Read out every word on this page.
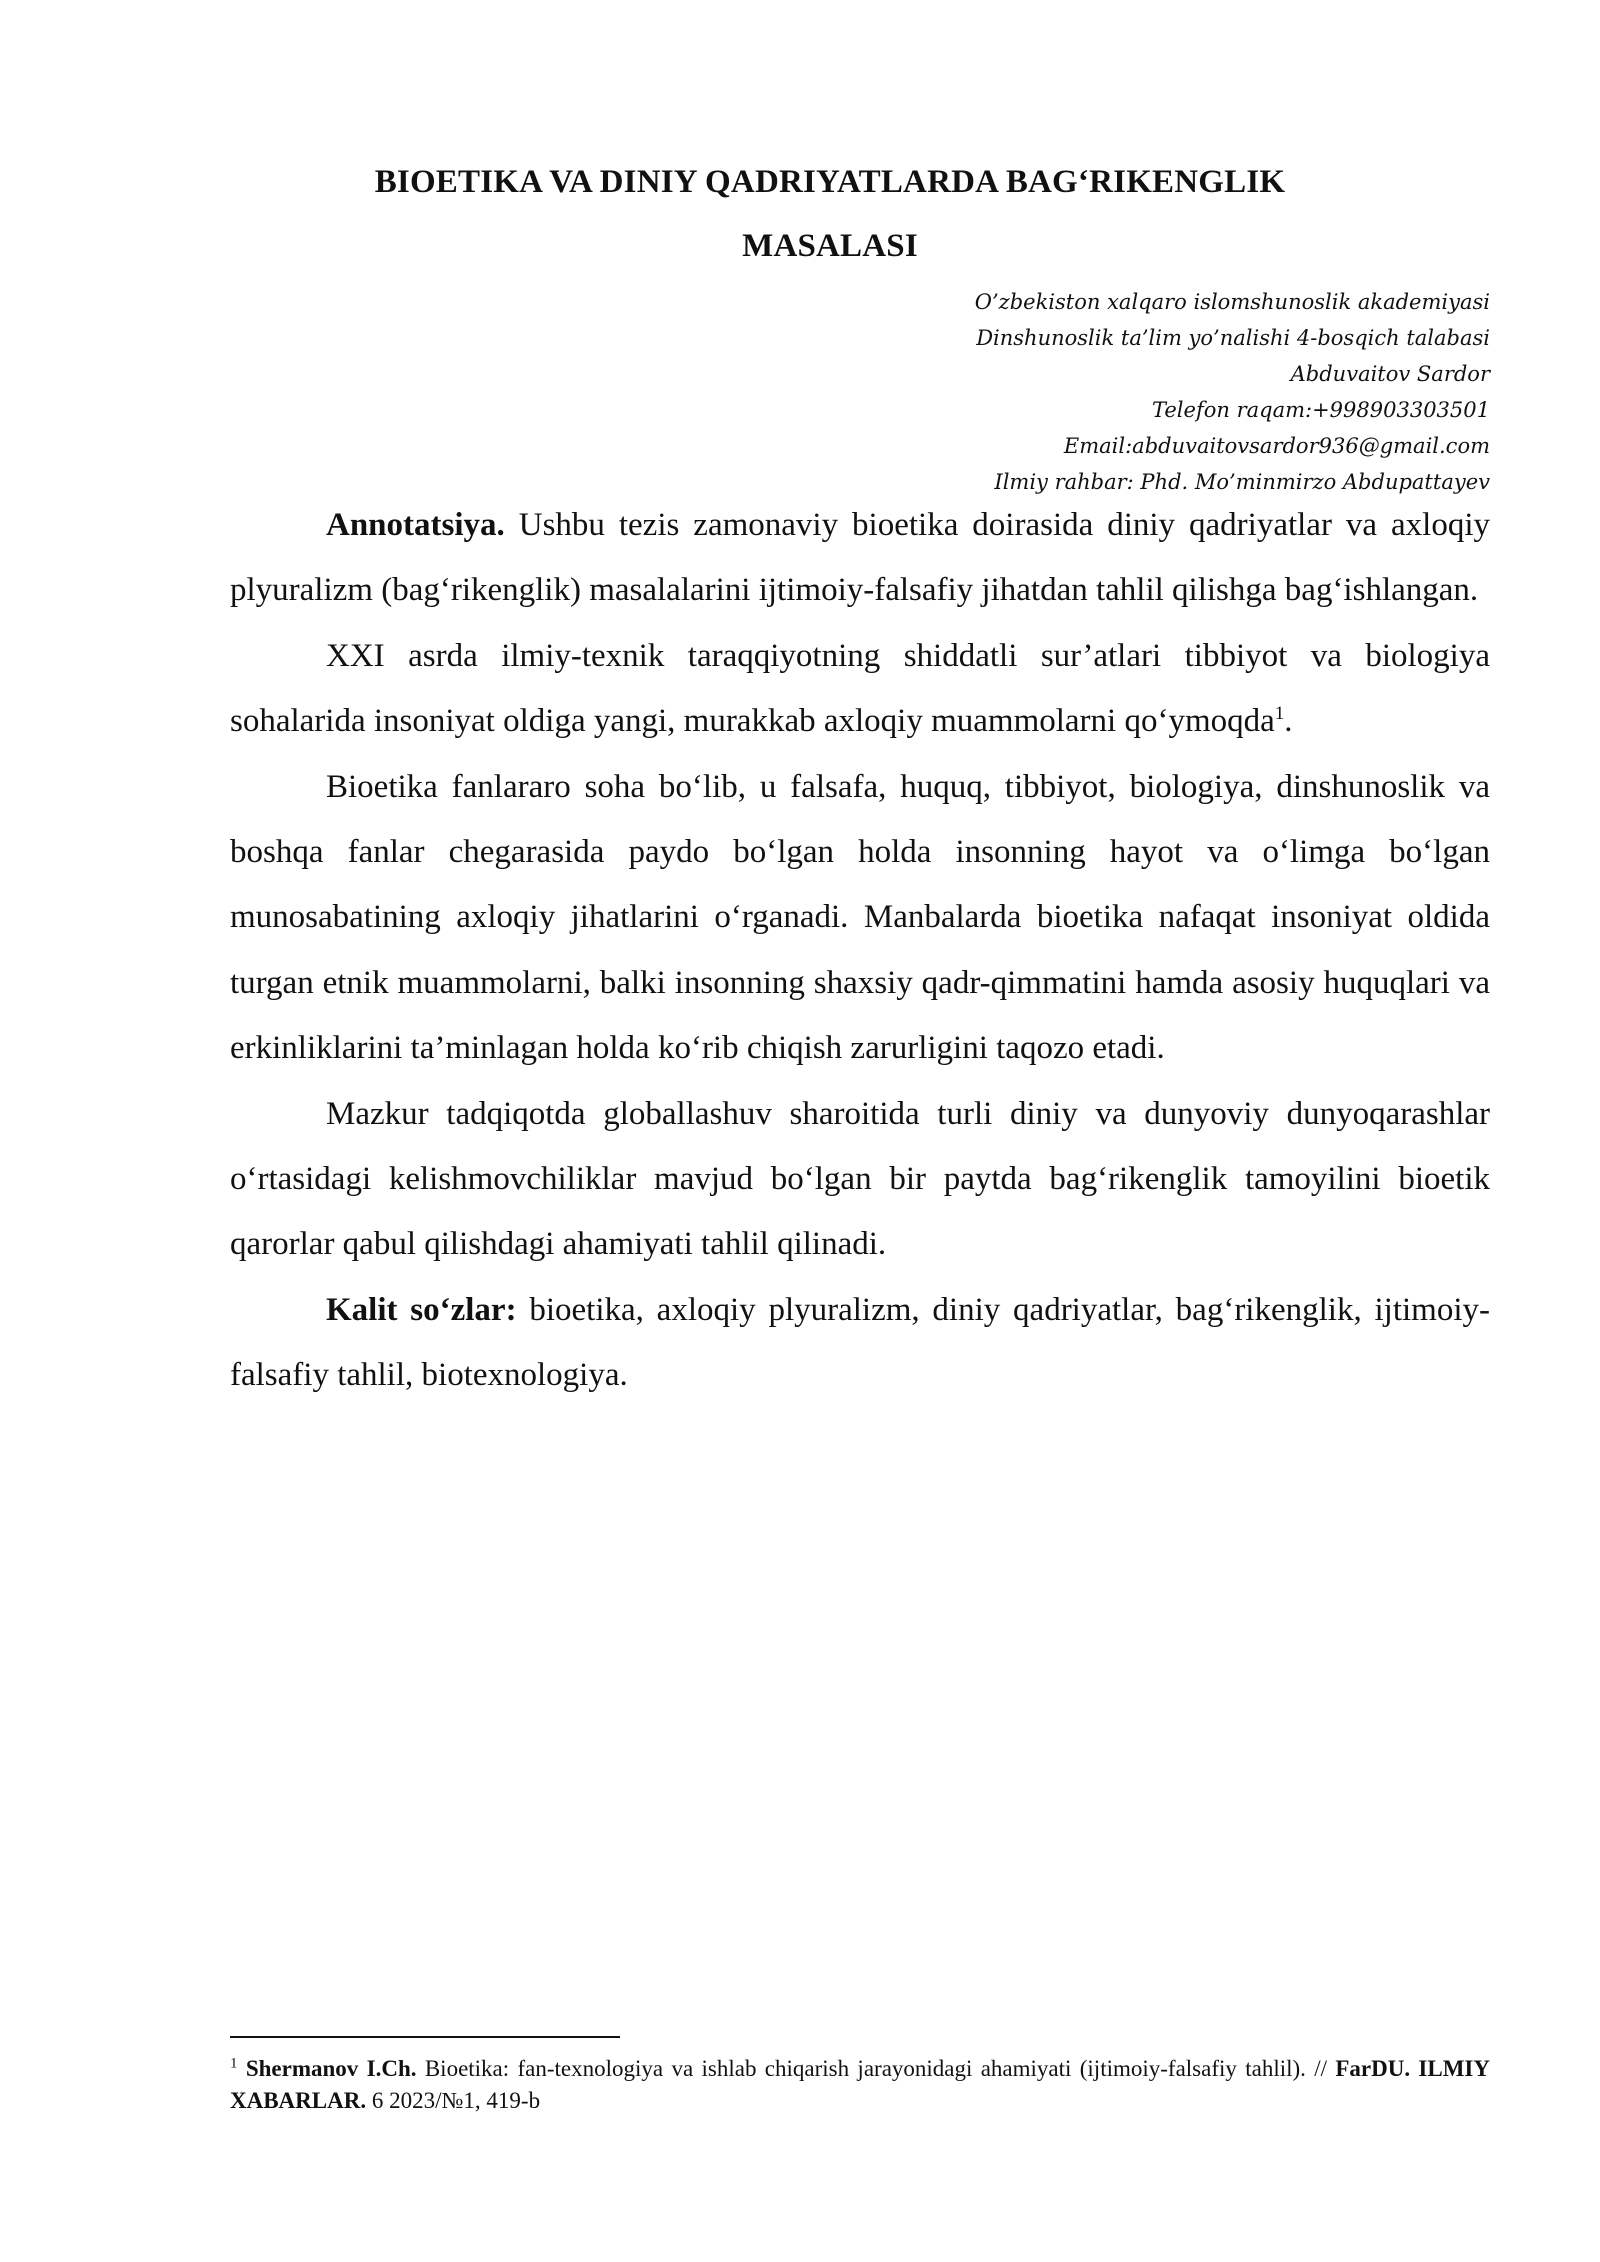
BIOETIKA VA DINIY QADRIYATLARDA BAG‘RIKENGLIK
MASALASI
O’zbekiston xalqaro islomshunoslik akademiyasi
Dinshunoslik ta’lim yo’nalishi 4-bosqich talabasi
Abduvaitov Sardor
Telefon raqam:+998903303501
Email:abduvaitovsardor936@gmail.com
Ilmiy rahbar: Phd. Mo’minmirzo Abdupattayev

Annotatsiya. Ushbu tezis zamonaviy bioetika doirasida diniy qadriyatlar va axloqiy plyuralizm (bag‘rikenglik) masalalarini ijtimoiy-falsafiy jihatdan tahlil qilishga bag‘ishlangan.

XXI asrda ilmiy-texnik taraqqiyotning shiddatli sur’atlari tibbiyot va biologiya sohalarida insoniyat oldiga yangi, murakkab axloqiy muammolarni qo‘ymoqda$^1$.

Bioetika fanlararo soha bo‘lib, u falsafa, huquq, tibbiyot, biologiya, dinshunoslik va boshqa fanlar chegarasida paydo bo‘lgan holda insonning hayot va o‘limga bo‘lgan munosabatining axloqiy jihatlarini o‘rganadi. Manbalarda bioetika nafaqat insoniyat oldida turgan etnik muammolarni, balki insonning shaxsiy qadr-qimmatini hamda asosiy huquqlari va erkinliklarini ta’minlagan holda ko‘rib chiqish zarurligini taqozo etadi.

Mazkur tadqiqotda globallashuv sharoitida turli diniy va dunyoviy dunyoqarashlar o‘rtasidagi kelishmovchiliklar mavjud bo‘lgan bir paytda bag‘rikenglik tamoyilini bioetik qarorlar qabul qilishdagi ahamiyati tahlil qilinadi.

Kalit so‘zlar: bioetika, axloqiy plyuralizm, diniy qadriyatlar, bag‘rikenglik, ijtimoiy-falsafiy tahlil, biotexnologiya.

$^1$ Shermanov I.Ch. Bioetika: fan-texnologiya va ishlab chiqarish jarayonidagi ahamiyati (ijtimoiy-falsafiy tahlil). // FarDU. ILMIY XABARLAR. 6 2023/№1, 419-b
